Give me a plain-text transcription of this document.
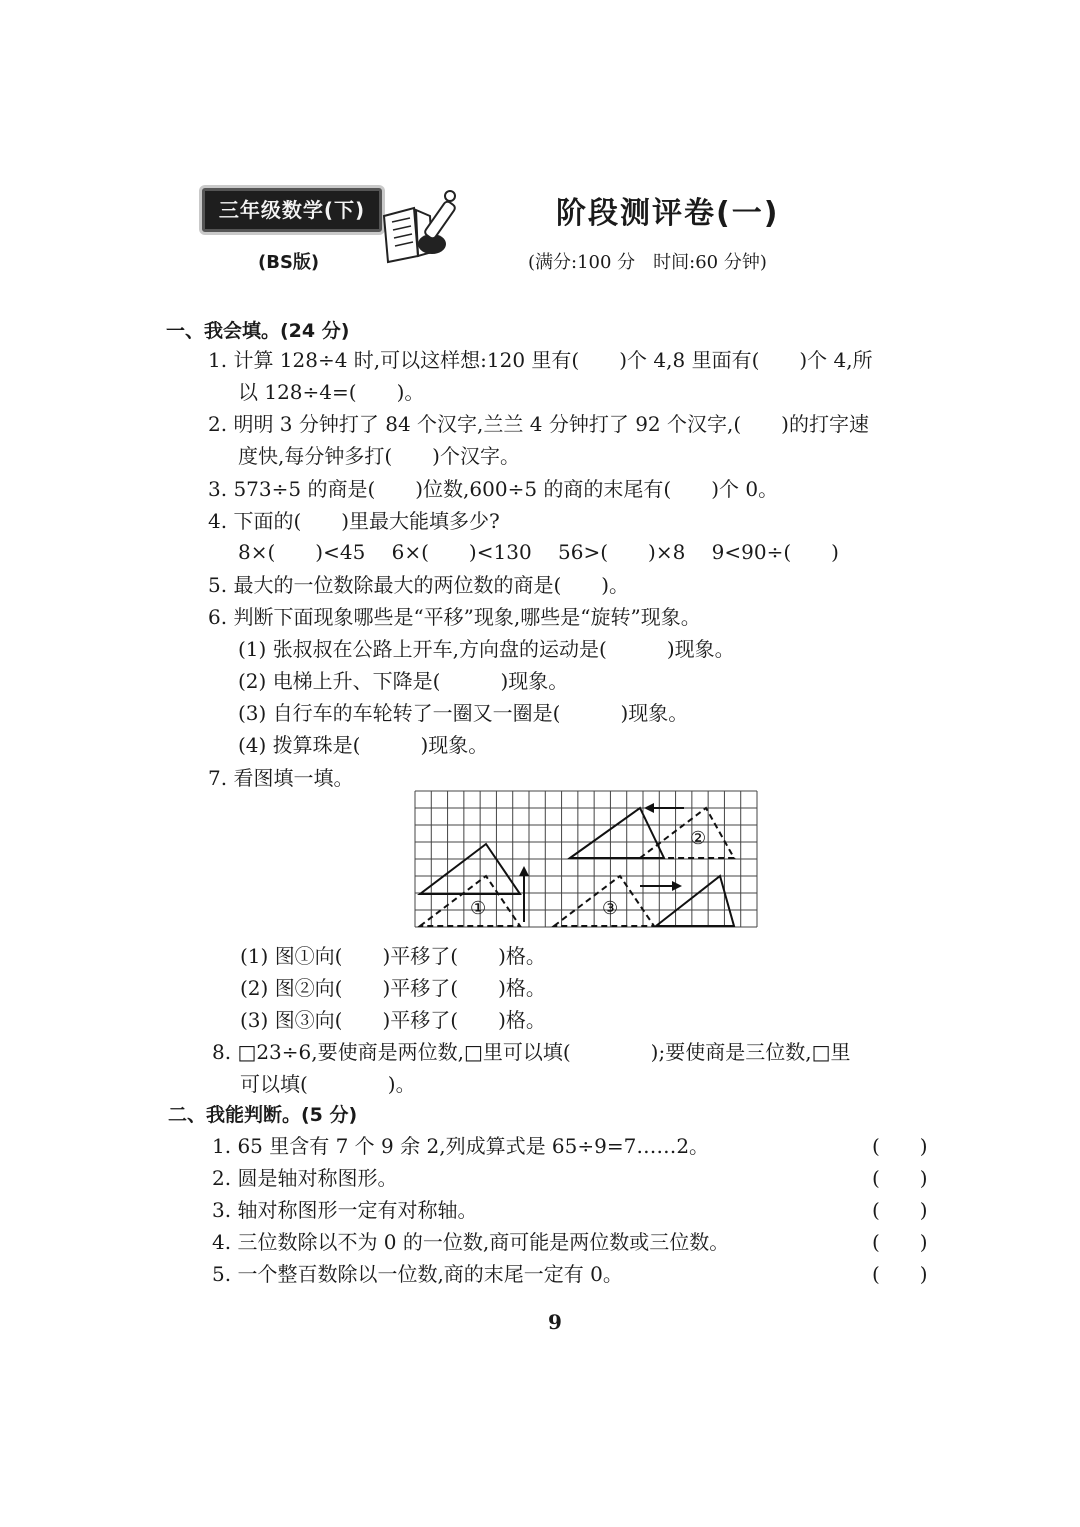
三年级数学(下)
(BS版)
阶段测评卷(一)
(满分:100 分　时间:60 分钟)
一、我会填。(24 分)
1. 计算 128÷4 时,可以这样想:120 里有(　　)个 4,8 里面有(　　)个 4,所
以 128÷4=(　　)。
2. 明明 3 分钟打了 84 个汉字,兰兰 4 分钟打了 92 个汉字,(　　)的打字速
度快,每分钟多打(　　)个汉字。
3. 573÷5 的商是(　　)位数,600÷5 的商的末尾有(　　)个 0。
4. 下面的(　　)里最大能填多少?
8×(　　)<45　 6×(　　)<130　 56>(　　)×8　 9<90÷(　　)
5. 最大的一位数除最大的两位数的商是(　　)。
6. 判断下面现象哪些是“平移”现象,哪些是“旋转”现象。
(1) 张叔叔在公路上开车,方向盘的运动是(　　　)现象。
(2) 电梯上升、下降是(　　　)现象。
(3) 自行车的车轮转了一圈又一圈是(　　　)现象。
(4) 拨算珠是(　　　)现象。
7. 看图填一填。
①
②
③
(1) 图①向(　　)平移了(　　)格。
(2) 图②向(　　)平移了(　　)格。
(3) 图③向(　　)平移了(　　)格。
8. □23÷6,要使商是两位数,□里可以填(　　　　);要使商是三位数,□里
可以填(　　　　)。
二、我能判断。(5 分)
1. 65 里含有 7 个 9 余 2,列成算式是 65÷9=7……2。	(　　)
2. 圆是轴对称图形。	(　　)
3. 轴对称图形一定有对称轴。	(　　)
4. 三位数除以不为 0 的一位数,商可能是两位数或三位数。	(　　)
5. 一个整百数除以一位数,商的末尾一定有 0。	(　　)
9
